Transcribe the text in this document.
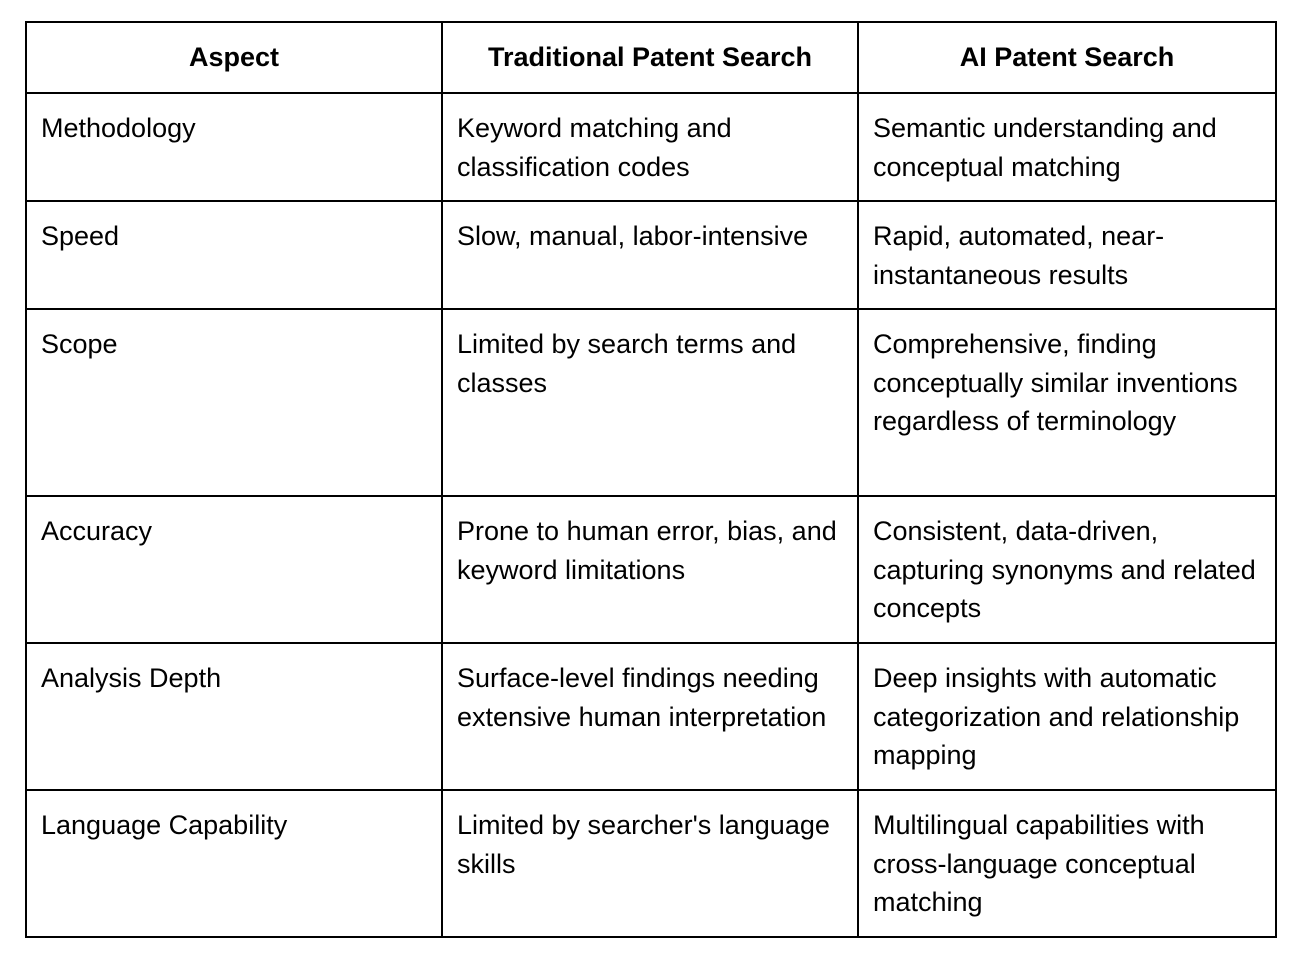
Aspect	Traditional Patent Search	AI Patent Search
Methodology	Keyword matching and classification codes	Semantic understanding and conceptual matching
Speed	Slow, manual, labor-intensive	Rapid, automated, near-instantaneous results
Scope	Limited by search terms and classes	Comprehensive, finding conceptually similar inventions regardless of terminology
Accuracy	Prone to human error, bias, and keyword limitations	Consistent, data-driven, capturing synonyms and related concepts
Analysis Depth	Surface-level findings needing extensive human interpretation	Deep insights with automatic categorization and relationship mapping
Language Capability	Limited by searcher's language skills	Multilingual capabilities with cross-language conceptual matching
